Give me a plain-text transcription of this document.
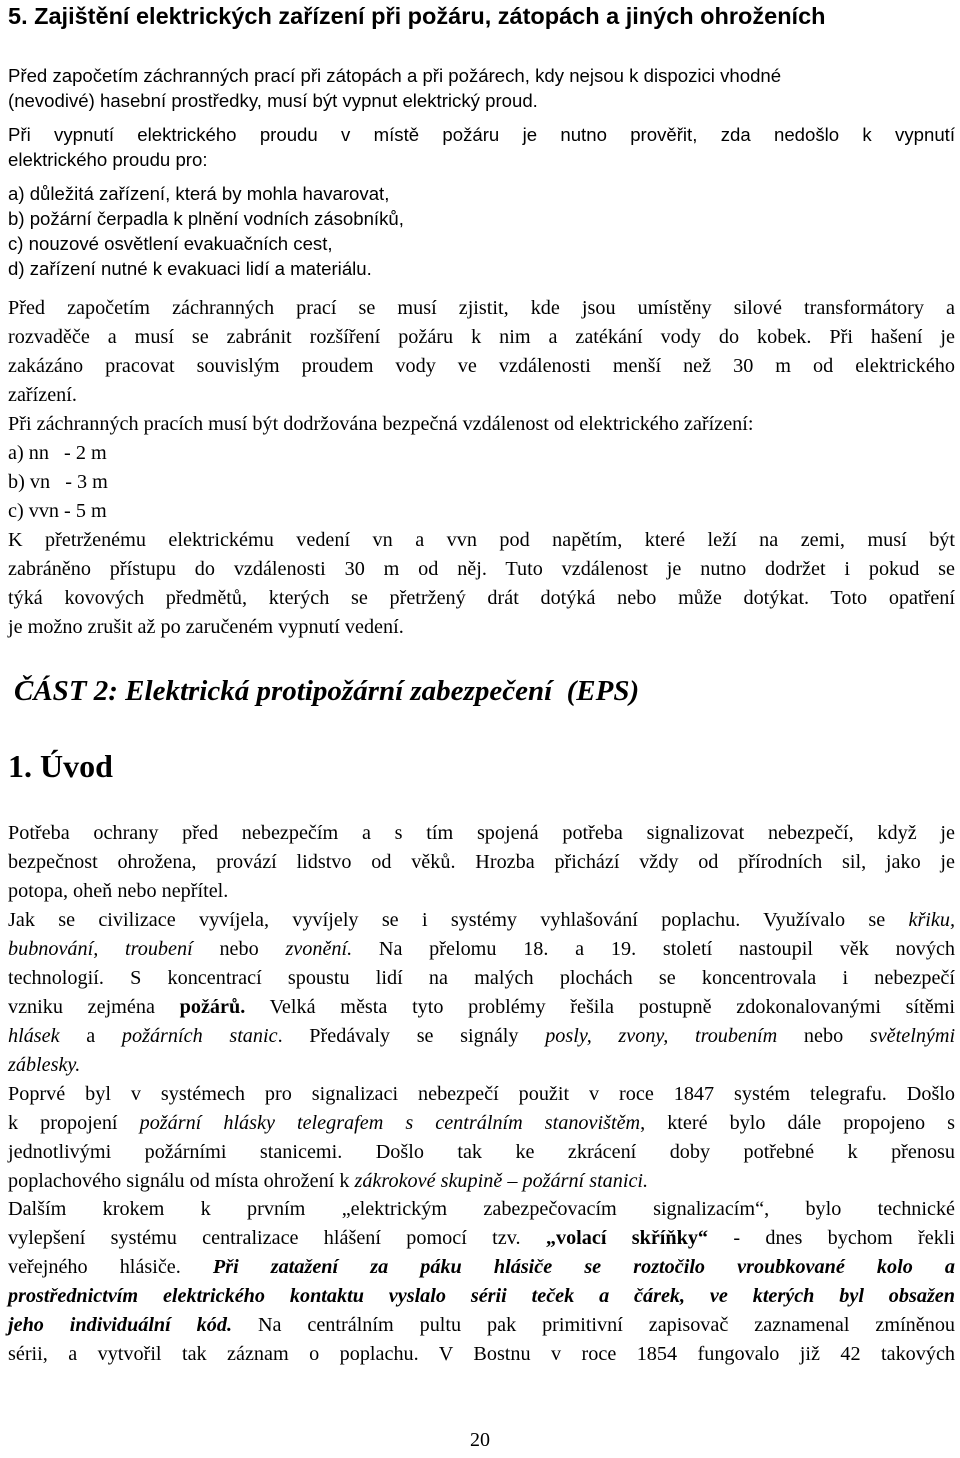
5. Zajištění elektrických zařízení při požáru, zátopách a jiných ohroženích
Před započetím záchranných prací při zátopách a při požárech, kdy nejsou k dispozici vhodné
(nevodivé) hasební prostředky, musí být vypnut elektrický proud.
Při vypnutí elektrického proudu v místě požáru je nutno prověřit, zda nedošlo k vypnutí
elektrického proudu pro:
a) důležitá zařízení, která by mohla havarovat,
b) požární čerpadla k plnění vodních zásobníků,
c) nouzové osvětlení evakuačních cest,
d) zařízení nutné k evakuaci lidí a materiálu.
Před započetím záchranných prací se musí zjistit, kde jsou umístěny silové transformátory a
rozvaděče a musí se zabránit rozšíření požáru k nim a zatékání vody do kobek. Při hašení je
zakázáno pracovat souvislým proudem vody ve vzdálenosti menší než 30 m od elektrického
zařízení.
Při záchranných pracích musí být dodržována bezpečná vzdálenost od elektrického zařízení:
a) nn   - 2 m
b) vn   - 3 m
c) vvn - 5 m
K přetrženému elektrickému vedení vn a vvn pod napětím, které leží na zemi, musí být
zabráněno přístupu do vzdálenosti 30 m od něj. Tuto vzdálenost je nutno dodržet i pokud se
týká kovových předmětů, kterých se přetržený drát dotýká nebo může dotýkat. Toto opatření
je možno zrušit až po zaručeném vypnutí vedení.
ČÁST 2: Elektrická protipožární zabezpečení  (EPS)
1. Úvod
Potřeba ochrany před nebezpečím a s tím spojená potřeba signalizovat nebezpečí, když je
bezpečnost ohrožena, provází lidstvo od věků. Hrozba přichází vždy od přírodních sil, jako je
potopa, oheň nebo nepřítel.
Jak se civilizace vyvíjela, vyvíjely se i systémy vyhlašování poplachu. Využívalo se křiku,
bubnování, troubení nebo zvonění. Na přelomu 18. a 19. století nastoupil věk nových
technologií. S koncentrací spoustu lidí na malých plochách se koncentrovala i nebezpečí
vzniku zejména požárů. Velká města tyto problémy řešila postupně zdokonalovanými sítěmi
hlásek a požárních stanic. Předávaly se signály posly, zvony, troubením nebo světelnými
záblesky.
Poprvé byl v systémech pro signalizaci nebezpečí použit v roce 1847 systém telegrafu. Došlo
k propojení požární hlásky telegrafem s centrálním stanovištěm, které bylo dále propojeno s
jednotlivými požárními stanicemi. Došlo tak ke zkrácení doby potřebné k přenosu
poplachového signálu od místa ohrožení k zákrokové skupině – požární stanici.
Dalším krokem k prvním „elektrickým zabezpečovacím signalizacím“, bylo technické
vylepšení systému centralizace hlášení pomocí tzv. „volací skříňky“ - dnes bychom řekli
veřejného hlásiče. Při zatažení za páku hlásiče se roztočilo vroubkované kolo a
prostřednictvím elektrického kontaktu vyslalo sérii teček a čárek, ve kterých byl obsažen
jeho individuální kód. Na centrálním pultu pak primitivní zapisovač zaznamenal zmíněnou
sérii, a vytvořil tak záznam o poplachu. V Bostnu v roce 1854 fungovalo již 42 takových
20
